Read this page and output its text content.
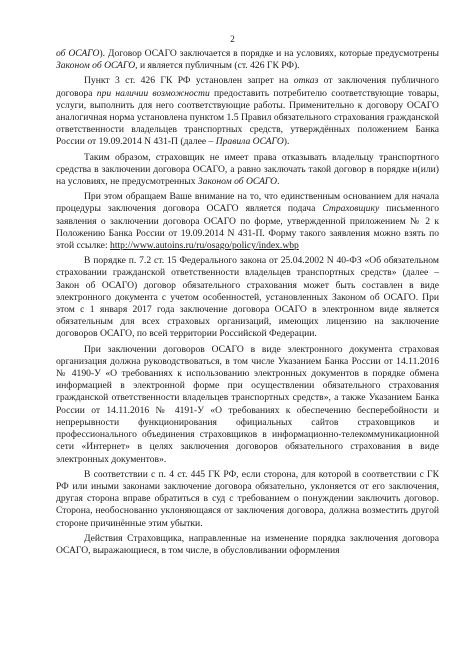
2

об ОСАГО). Договор ОСАГО заключается в порядке и на условиях, которые предусмотрены Законом об ОСАГО, и является публичным (ст. 426 ГК РФ).

Пункт 3 ст. 426 ГК РФ установлен запрет на отказ от заключения публичного договора при наличии возможности предоставить потребителю соответствующие товары, услуги, выполнить для него соответствующие работы. Применительно к договору ОСАГО аналогичная норма установлена пунктом 1.5 Правил обязательного страхования гражданской ответственности владельцев транспортных средств, утверждённых положением Банка России от 19.09.2014 N 431-П (далее – Правила ОСАГО).

Таким образом, страховщик не имеет права отказывать владельцу транспортного средства в заключении договора ОСАГО, а равно заключать такой договор в порядке и(или) на условиях, не предусмотренных Законом об ОСАГО.

При этом обращаем Ваше внимание на то, что единственным основанием для начала процедуры заключения договора ОСАГО является подача Страховщику письменного заявления о заключении договора ОСАГО по форме, утвержденной приложением № 2 к Положению Банка России от 19.09.2014 N 431-П. Форму такого заявления можно взять по этой ссылке: http://www.autoins.ru/ru/osago/policy/index.wbp

В порядке п. 7.2 ст. 15 Федерального закона от 25.04.2002 N 40-ФЗ «Об обязательном страховании гражданской ответственности владельцев транспортных средств» (далее – Закон об ОСАГО) договор обязательного страхования может быть составлен в виде электронного документа с учетом особенностей, установленных Законом об ОСАГО. При этом с 1 января 2017 года заключение договора ОСАГО в электронном виде является обязательным для всех страховых организаций, имеющих лицензию на заключение договоров ОСАГО, по всей территории Российской Федерации.

При заключении договоров ОСАГО в виде электронного документа страховая организация должна руководствоваться, в том числе Указанием Банка России от 14.11.2016 № 4190-У «О требованиях к использованию электронных документов в порядке обмена информацией в электронной форме при осуществлении обязательного страхования гражданской ответственности владельцев транспортных средств», а также Указанием Банка России от 14.11.2016 № 4191-У «О требованиях к обеспечению бесперебойности и непрерывности функционирования официальных сайтов страховщиков и профессионального объединения страховщиков в информационно-телекоммуникационной сети «Интернет» в целях заключения договоров обязательного страхования в виде электронных документов».

В соответствии с п. 4 ст. 445 ГК РФ, если сторона, для которой в соответствии с ГК РФ или иными законами заключение договора обязательно, уклоняется от его заключения, другая сторона вправе обратиться в суд с требованием о понуждении заключить договор. Сторона, необоснованно уклоняющаяся от заключения договора, должна возместить другой стороне причинённые этим убытки.

Действия Страховщика, направленные на изменение порядка заключения договора ОСАГО, выражающиеся, в том числе, в обусловливании оформления
